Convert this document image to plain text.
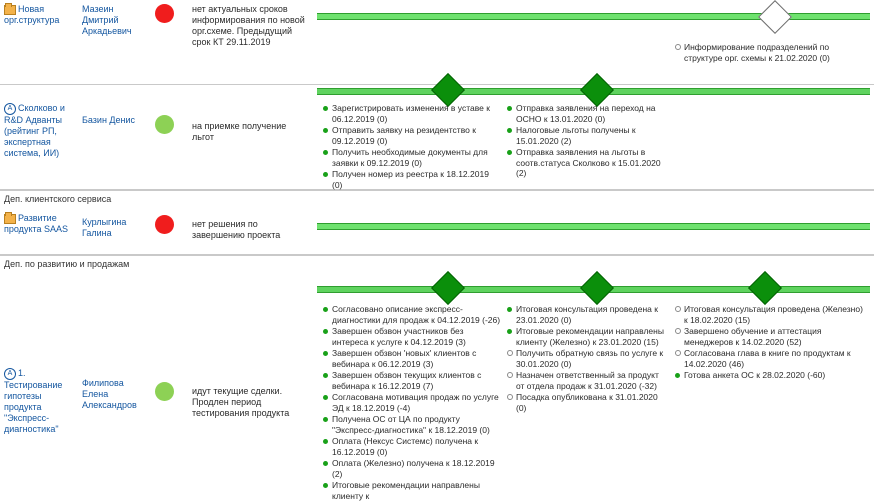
Новая орг.структура
Мазеин Дмитрий Аркадьевич
нет актуальных сроков информирования по новой орг.схеме. Предыдущий срок КТ 29.11.2019	Информирование подразделений по структуре орг. схемы к 21.02.2020 (0)
A Сколково и R&D Адванты (рейтинг РП, экспертная система, ИИ)
Базин Денис
на приемке получение льгот
Зарегистрировать изменения в уставе к 06.12.2019 (0)
Отправить заявку на резидентство к 09.12.2019 (0)
Получить необходимые документы для заявки к 09.12.2019 (0)
Получен номер из реестра к 18.12.2019 (0)
Отправка заявления на переход на ОСНО к 13.01.2020 (0)
Налоговые льготы получены к 15.01.2020 (2)
Отправка заявления на льготы в соотв.статуса Сколково к 15.01.2020 (2)
Деп. клиентского сервиса
Развитие продукта SAAS
Курлыгина Галина
нет решения по завершению проекта
Деп. по развитию и продажам
A 1. Тестирование гипотезы продукта "Экспресс-диагностика"
Филипова Елена Александров
идут текущие сделки. Продлен период тестирования продукта
Согласовано описание экспресс-диагностики для продаж к 04.12.2019 (-26)
Завершен обзвон участников без интереса к услуге к 04.12.2019 (3)
Завершен обзвон 'новых' клиентов с вебинара к 06.12.2019 (3)
Завершен обзвон текущих клиентов с вебинара к 16.12.2019 (7)
Согласована мотивация продаж по услуге ЭД к 18.12.2019 (-4)
Получена ОС от ЦА по продукту "Экспресс-диагностика" к 18.12.2019 (0)
Оплата (Нексус Системс) получена к 16.12.2019 (0)
Оплата (Железно) получена к 18.12.2019 (2)
Итоговые рекомендации направлены клиенту к
Итоговая консультация проведена к 23.01.2020 (0)
Итоговые рекомендации направлены клиенту (Железно) к 23.01.2020 (15)
Получить обратную связь по услуге к 30.01.2020 (0)
Назначен ответственный за продукт от отдела продаж к 31.01.2020 (-32)
Посадка опубликована к 31.01.2020 (0)
Итоговая консультация проведена (Железно) к 18.02.2020 (15)
Завершено обучение и аттестация менеджеров к 14.02.2020 (52)
Согласована глава в книге по продуктам к 14.02.2020 (46)
Готова анкета ОС к 28.02.2020 (-60)
